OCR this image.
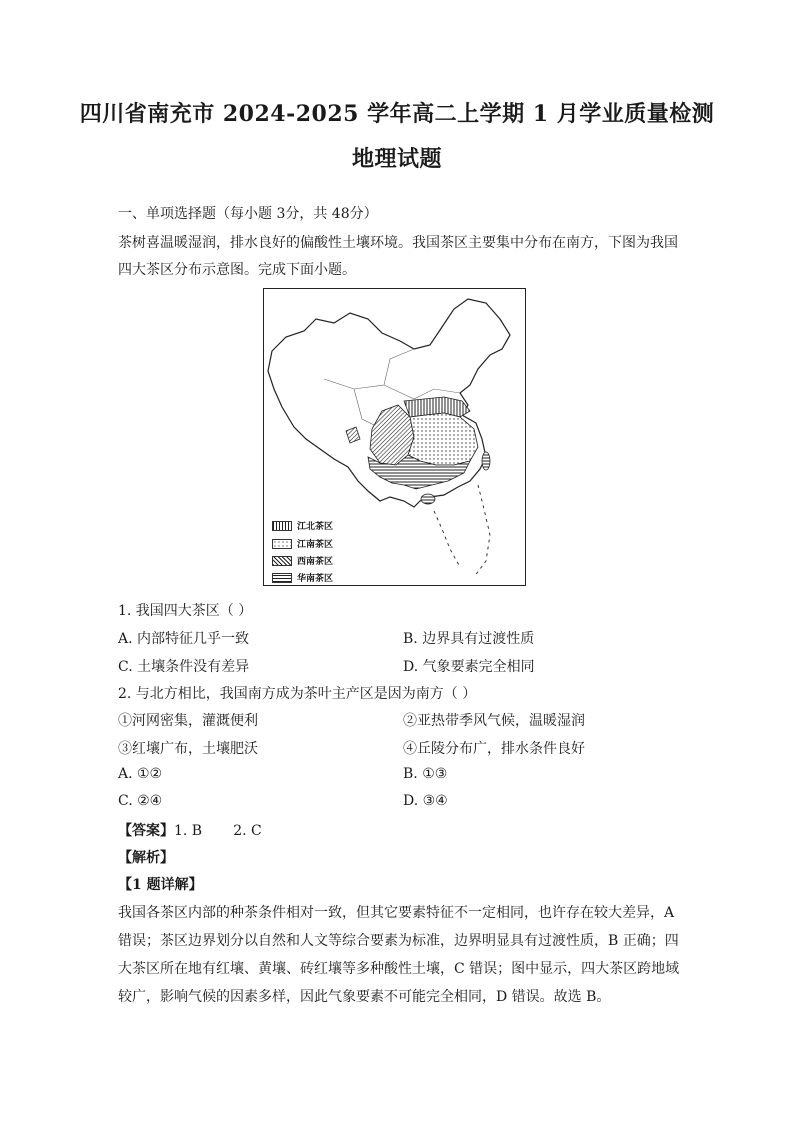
四川省南充市 2024-2025 学年高二上学期 1 月学业质量检测
地理试题
一、单项选择题（每小题 3分，共 48分）
茶树喜温暖湿润，排水良好的偏酸性土壤环境。我国茶区主要集中分布在南方，下图为我国
四大茶区分布示意图。完成下面小题。
江北茶区
江南茶区
西南茶区
华南茶区
1. 我国四大茶区（ ）
A. 内部特征几乎一致	B. 边界具有过渡性质
C. 土壤条件没有差异	D. 气象要素完全相同
2. 与北方相比，我国南方成为茶叶主产区是因为南方（ ）
①河网密集，灌溉便利	②亚热带季风气候，温暖湿润
③红壤广布，土壤肥沃	④丘陵分布广，排水条件良好
A. ①②	B. ①③
C. ②④	D. ③④
【答案】1. B       2. C
【解析】
【1 题详解】
我国各茶区内部的种茶条件相对一致，但其它要素特征不一定相同，也许存在较大差异，A
错误；茶区边界划分以自然和人文等综合要素为标准，边界明显具有过渡性质，B 正确；四
大茶区所在地有红壤、黄壤、砖红壤等多种酸性土壤，C 错误；图中显示，四大茶区跨地域
较广，影响气候的因素多样，因此气象要素不可能完全相同，D 错误。故选 B。
